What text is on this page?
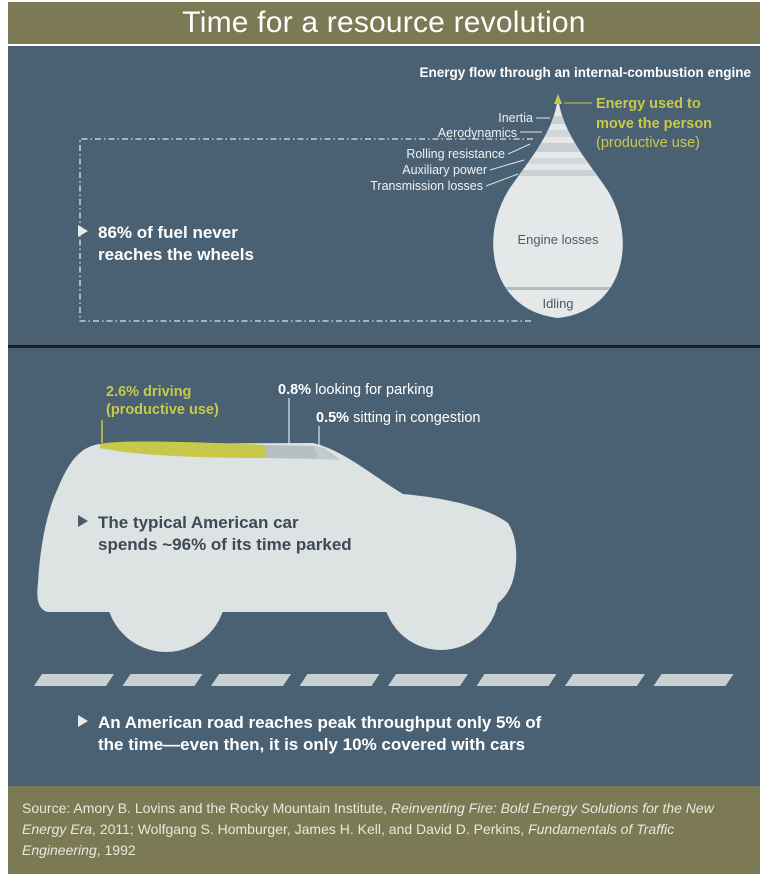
Time for a resource revolution
Energy flow through an internal-combustion engine
Inertia
Aerodynamics
Rolling resistance
Auxiliary power
Transmission losses
Engine losses
Idling
Energy used to
move the person
(productive use)
86% of fuel never
reaches the wheels
2.6% driving
(productive use)
0.8% looking for parking
0.5% sitting in congestion
The typical American car
spends ~96% of its time parked
An American road reaches peak throughput only 5% of
the time—even then, it is only 10% covered with cars
Source: Amory B. Lovins and the Rocky Mountain Institute, Reinventing Fire: Bold Energy Solutions for the New Energy Era, 2011; Wolfgang S. Homburger, James H. Kell, and David D. Perkins, Fundamentals of Traffic Engineering, 1992
